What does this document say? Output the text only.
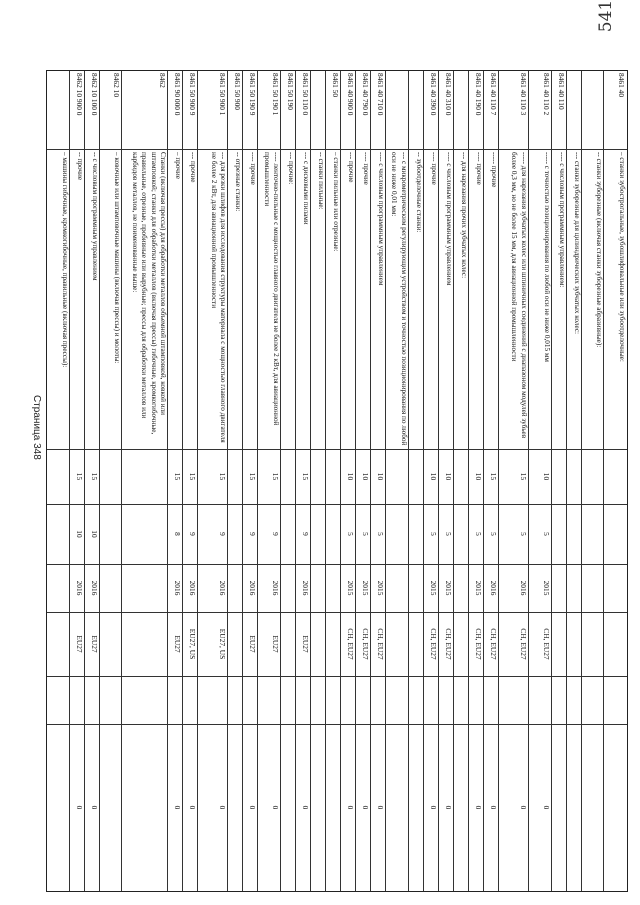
8461 40
– станки зубострогальные, зубошлифовальные или зубоотделочные:
-- станки зуборезные (включая станки зуборезные абразивные):
--- станки зуборезные для цилиндрических зубчатых колес:
8461 40 110
---- с числовым программным управлением:
8461 40 110 2
----- с точностью позиционирования по любой оси не ниже 0,015 мм
10
5
2015
CH, EU27
0
8461 40 110 3
----- для нарезания зубчатых колес или шпиничных соединений с диапазоном модулей зубьев более 0,3 мм, но не более 15 мм, для авиационной промышленности
15
5
2016
CH, EU27
0
8461 40 110 7
----- прочие
15
5
2016
CH, EU27
0
8461 40 190 0
---- прочие
10
5
2015
CH, EU27
0
--- для нарезания прочих зубчатых колес:
8461 40 310 0
---- с числовым программным управлением
10
5
2015
CH, EU27
0
8461 40 390 0
---- прочие
10
5
2015
CH, EU27
0
-- зубоотделочные станки:
--- с микрометрическим регулирующим устройством и точностью позиционирования по любой оси не ниже 0,01 мм:
8461 40 710 0
---- с числовым программным управлением
10
5
2015
CH, EU27
0
8461 40 790 0
---- прочие
10
5
2015
CH, EU27
0
8461 40 900 0
--- прочие
10
5
2015
CH, EU27
0
8461 50
– станки пильные или отрезные:
-- станки пильные:
8461 50 110 0
--- с дисковыми пилами
15
9
2016
EU27
0
8461 50 190
--- прочие:
8461 50 190 1
---- ленточно-пильные с мощностью главного двигателя не более 2 кВт, для авиационной промышленности
15
9
2016
EU27
0
8461 50 190 9
---- прочие
15
9
2016
EU27
0
8461 50 900
-- отрезные станки:
8461 50 900 1
--- для резки шлифов для исследования структуры материала с мощностью главного двигателя не более 2 кВт, для авиационной промышленности
15
9
2016
EU27, US
0
8461 50 900 9
--- прочие
15
9
2016
EU27, US
0
8461 90 000 0
– прочие
15
8
2016
EU27
0
8462
Станки (включая прессы) для обработки металлов объемной штамповкой, ковкой или штамповкой; станки для обработки металлов (включая прессы) гибочные, кромкогибочные, правильные, отрезные, пробивные или вырубные; прессы для обработки металлов или карбидов металлов, не поименованные выше:
8462 10
– ковочные или штамповочные машины (включая прессы) и молоты:
8462 10 100 0
-- с числовым программным управлением
15
10
2016
EU27
0
8462 10 900 0
-- прочие
15
10
2016
EU27
0
– машины гибочные, кромкогибочные, правильные (включая прессы):
Страница 348
541
